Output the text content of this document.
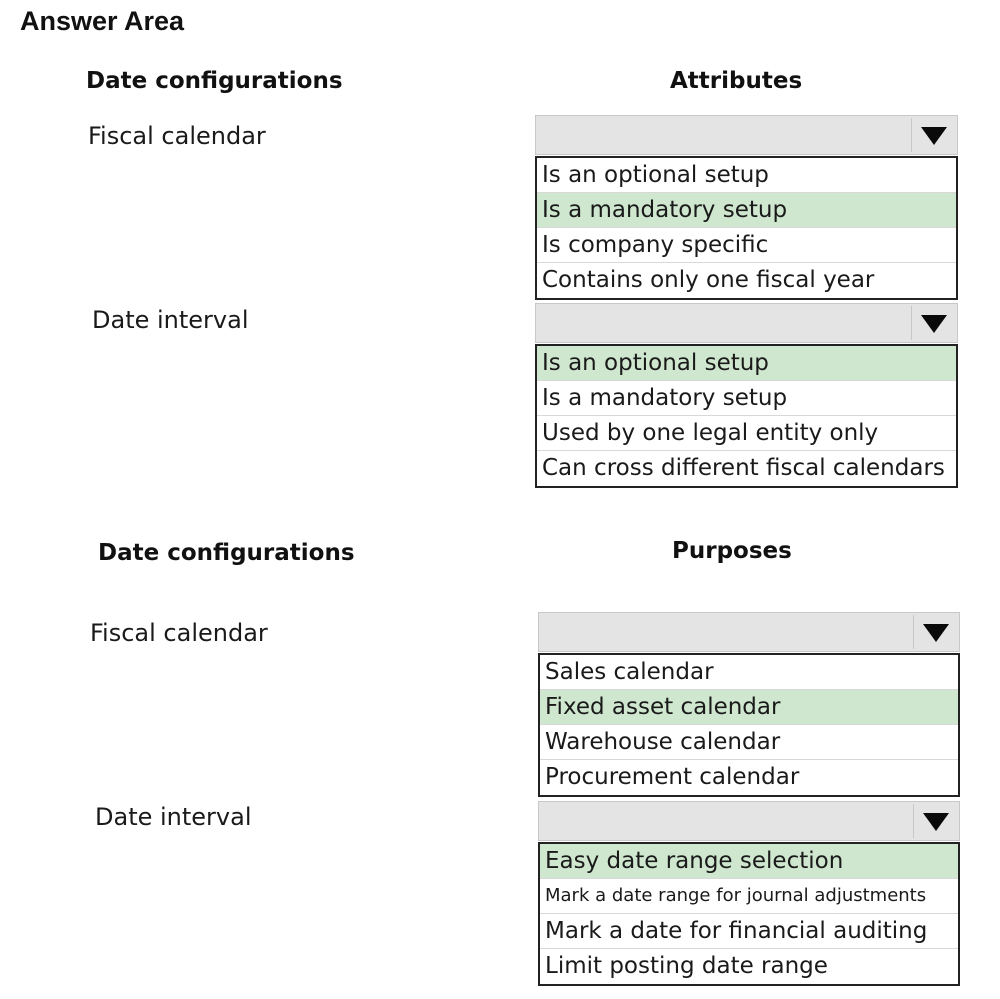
Answer Area
Date configurations	Attributes
Fiscal calendar
Is an optional setup
Is a mandatory setup
Is company specific
Contains only one fiscal year
Date interval
Is an optional setup
Is a mandatory setup
Used by one legal entity only
Can cross different fiscal calendars
Date configurations	Purposes
Fiscal calendar
Sales calendar
Fixed asset calendar
Warehouse calendar
Procurement calendar
Date interval
Easy date range selection
Mark a date range for journal adjustments
Mark a date for financial auditing
Limit posting date range
